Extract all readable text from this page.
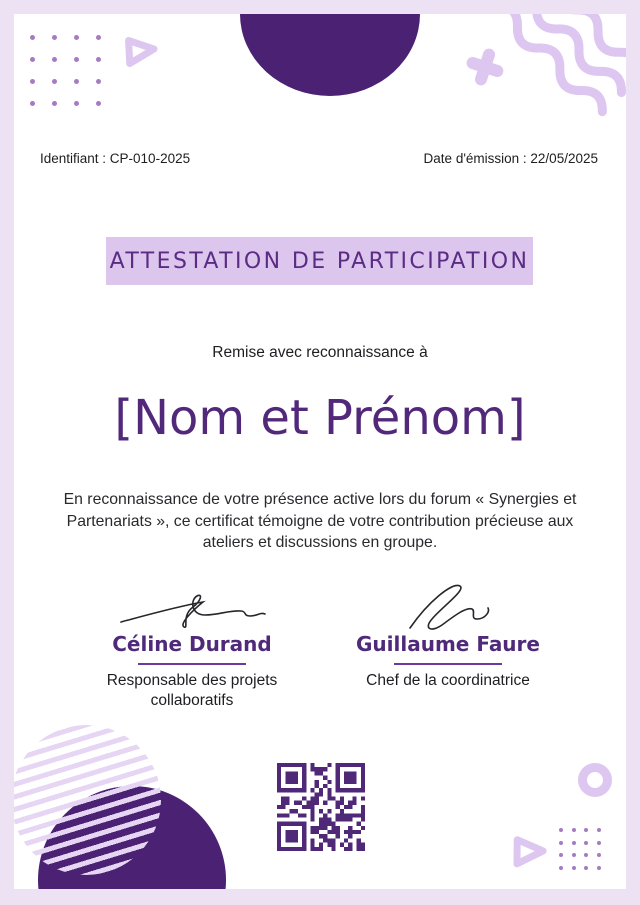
Identifiant : CP-010-2025	Date d'émission : 22/05/2025
ATTESTATION DE PARTICIPATION
Remise avec reconnaissance à
[Nom et Prénom]
En reconnaissance de votre présence active lors du forum « Synergies et Partenariats », ce certificat témoigne de votre contribution précieuse aux ateliers et discussions en groupe.
Céline Durand
Responsable des projets collaboratifs
Guillaume Faure
Chef de la coordinatrice
